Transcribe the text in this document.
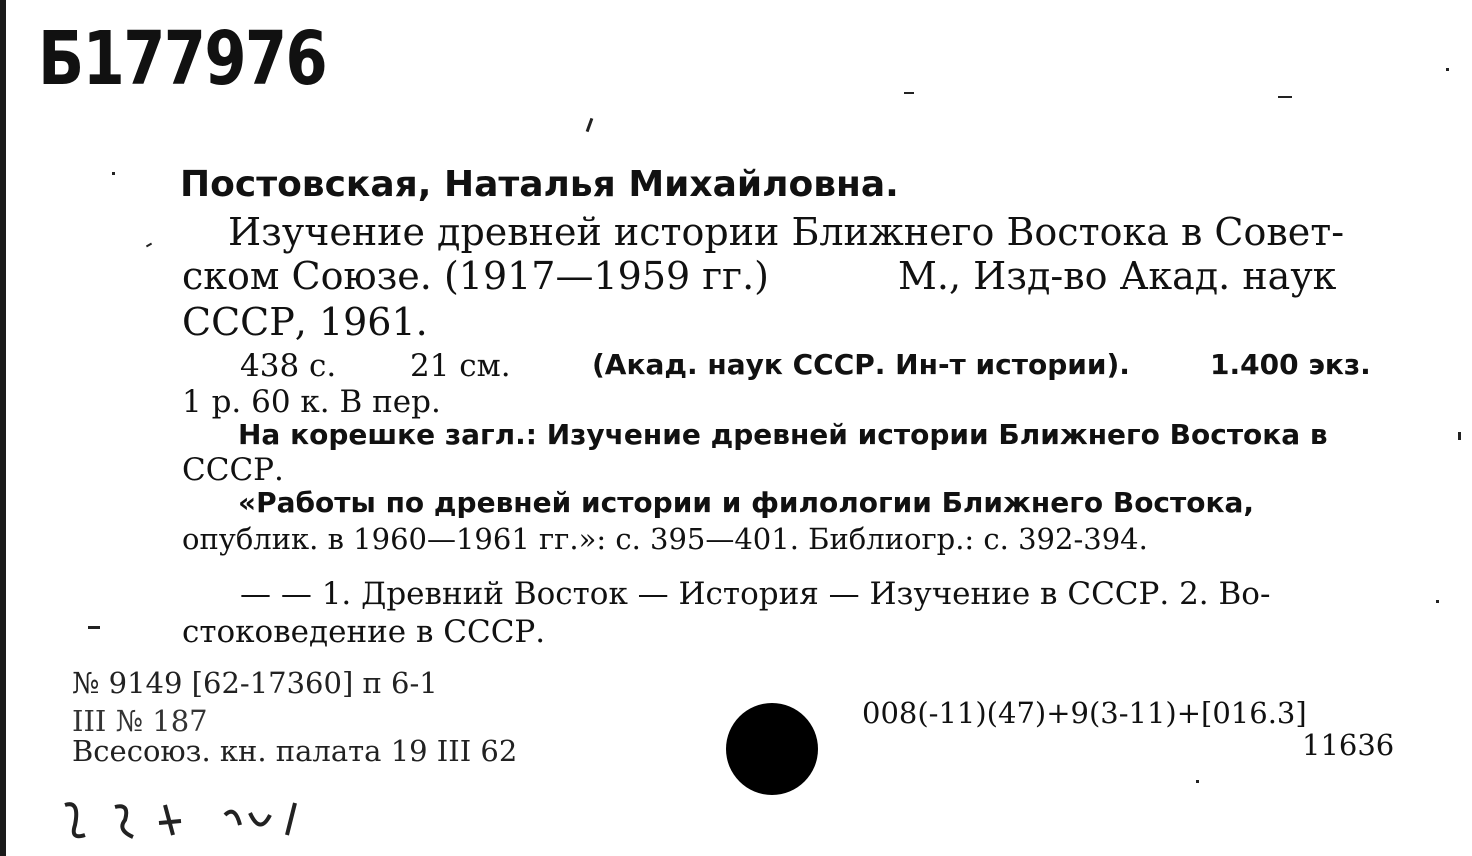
Б177976
Постовская, Наталья Михайловна.
Изучение древней истории Ближнего Востока в Совет-
ском Союзе. (1917—1959 гг.)	М., Изд-во Акад. наук
СССР, 1961.
438 с. 21 см.	(Акад. наук СССР. Ин-т истории).	1.400 экз.
1 р. 60 к. В пер.
На корешке загл.: Изучение древней истории Ближнего Востока в
СССР.
«Работы по древней истории и филологии Ближнего Востока,
опублик. в 1960—1961 гг.»: с. 395—401. Библиогр.: с. 392-394.
— — 1. Древний Восток — История — Изучение в СССР. 2. Во-
стоковедение в СССР.
№ 9149 [62-17360] п 6-1
III № 187
Всесоюз. кн. палата 19 III 62
008(-11)(47)+9(3-11)+[016.3]
11636
